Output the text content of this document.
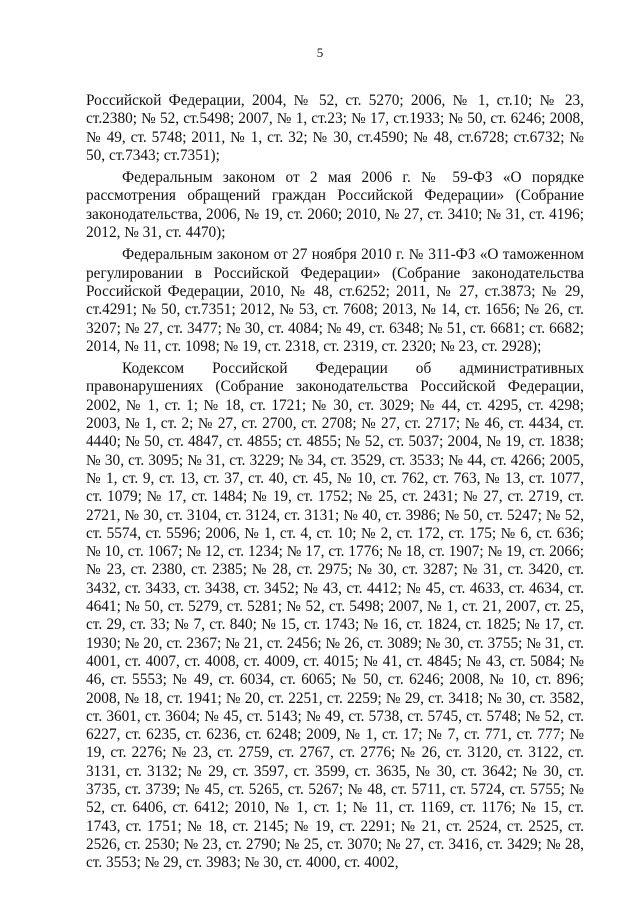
5

Российской Федерации, 2004, № 52, ст. 5270; 2006, № 1, ст.10; № 23, ст.2380; № 52, ст.5498; 2007, № 1, ст.23; № 17, ст.1933; № 50, ст. 6246; 2008, № 49, ст. 5748; 2011, № 1, ст. 32; № 30, ст.4590; № 48, ст.6728; ст.6732; № 50, ст.7343; ст.7351);

Федеральным законом от 2 мая 2006 г. № 59-ФЗ «О порядке рассмотрения обращений граждан Российской Федерации» (Собрание законодательства, 2006, № 19, ст. 2060; 2010, № 27, ст. 3410; № 31, ст. 4196; 2012, № 31, ст. 4470);

Федеральным законом от 27 ноября 2010 г. № 311-ФЗ «О таможенном регулировании в Российской Федерации» (Собрание законодательства Российской Федерации, 2010, № 48, ст.6252; 2011, № 27, ст.3873; № 29, ст.4291; № 50, ст.7351; 2012, № 53, ст. 7608; 2013, № 14, ст. 1656; № 26, ст. 3207; № 27, ст. 3477; № 30, ст. 4084; № 49, ст. 6348; № 51, ст. 6681; ст. 6682; 2014, № 11, ст. 1098; № 19, ст. 2318, ст. 2319, ст. 2320; № 23, ст. 2928);

Кодексом Российской Федерации об административных правонарушениях (Собрание законодательства Российской Федерации, 2002, № 1, ст. 1; № 18, ст. 1721; № 30, ст. 3029; № 44, ст. 4295, ст. 4298; 2003, № 1, ст. 2; № 27, ст. 2700, ст. 2708; № 27, ст. 2717; № 46, ст. 4434, ст. 4440; № 50, ст. 4847, ст. 4855; ст. 4855; № 52, ст. 5037; 2004, № 19, ст. 1838; № 30, ст. 3095; № 31, ст. 3229; № 34, ст. 3529, ст. 3533; № 44, ст. 4266; 2005, № 1, ст. 9, ст. 13, ст. 37, ст. 40, ст. 45, № 10, ст. 762, ст. 763, № 13, ст. 1077, ст. 1079; № 17, ст. 1484; № 19, ст. 1752; № 25, ст. 2431; № 27, ст. 2719, ст. 2721, № 30, ст. 3104, ст. 3124, ст. 3131; № 40, ст. 3986; № 50, ст. 5247; № 52, ст. 5574, ст. 5596; 2006, № 1, ст. 4, ст. 10; № 2, ст. 172, ст. 175; № 6, ст. 636; № 10, ст. 1067; № 12, ст. 1234; № 17, ст. 1776; № 18, ст. 1907; № 19, ст. 2066; № 23, ст. 2380, ст. 2385; № 28, ст. 2975; № 30, ст. 3287; № 31, ст. 3420, ст. 3432, ст. 3433, ст. 3438, ст. 3452; № 43, ст. 4412; № 45, ст. 4633, ст. 4634, ст. 4641; № 50, ст. 5279, ст. 5281; № 52, ст. 5498; 2007, № 1, ст. 21, 2007, ст. 25, ст. 29, ст. 33; № 7, ст. 840; № 15, ст. 1743; № 16, ст. 1824, ст. 1825; № 17, ст. 1930; № 20, ст. 2367; № 21, ст. 2456; № 26, ст. 3089; № 30, ст. 3755; № 31, ст. 4001, ст. 4007, ст. 4008, ст. 4009, ст. 4015; № 41, ст. 4845; № 43, ст. 5084; № 46, ст. 5553; № 49, ст. 6034, ст. 6065; № 50, ст. 6246; 2008, № 10, ст. 896; 2008, № 18, ст. 1941; № 20, ст. 2251, ст. 2259; № 29, ст. 3418; № 30, ст. 3582, ст. 3601, ст. 3604; № 45, ст. 5143; № 49, ст. 5738, ст. 5745, ст. 5748; № 52, ст. 6227, ст. 6235, ст. 6236, ст. 6248; 2009, № 1, ст. 17; № 7, ст. 771, ст. 777; № 19, ст. 2276; № 23, ст. 2759, ст. 2767, ст. 2776; № 26, ст. 3120, ст. 3122, ст. 3131, ст. 3132; № 29, ст. 3597, ст. 3599, ст. 3635, № 30, ст. 3642; № 30, ст. 3735, ст. 3739; № 45, ст. 5265, ст. 5267; № 48, ст. 5711, ст. 5724, ст. 5755; № 52, ст. 6406, ст. 6412; 2010, № 1, ст. 1; № 11, ст. 1169, ст. 1176; № 15, ст. 1743, ст. 1751; № 18, ст. 2145; № 19, ст. 2291; № 21, ст. 2524, ст. 2525, ст. 2526, ст. 2530; № 23, ст. 2790; № 25, ст. 3070; № 27, ст. 3416, ст. 3429; № 28, ст. 3553; № 29, ст. 3983; № 30, ст. 4000, ст. 4002,
